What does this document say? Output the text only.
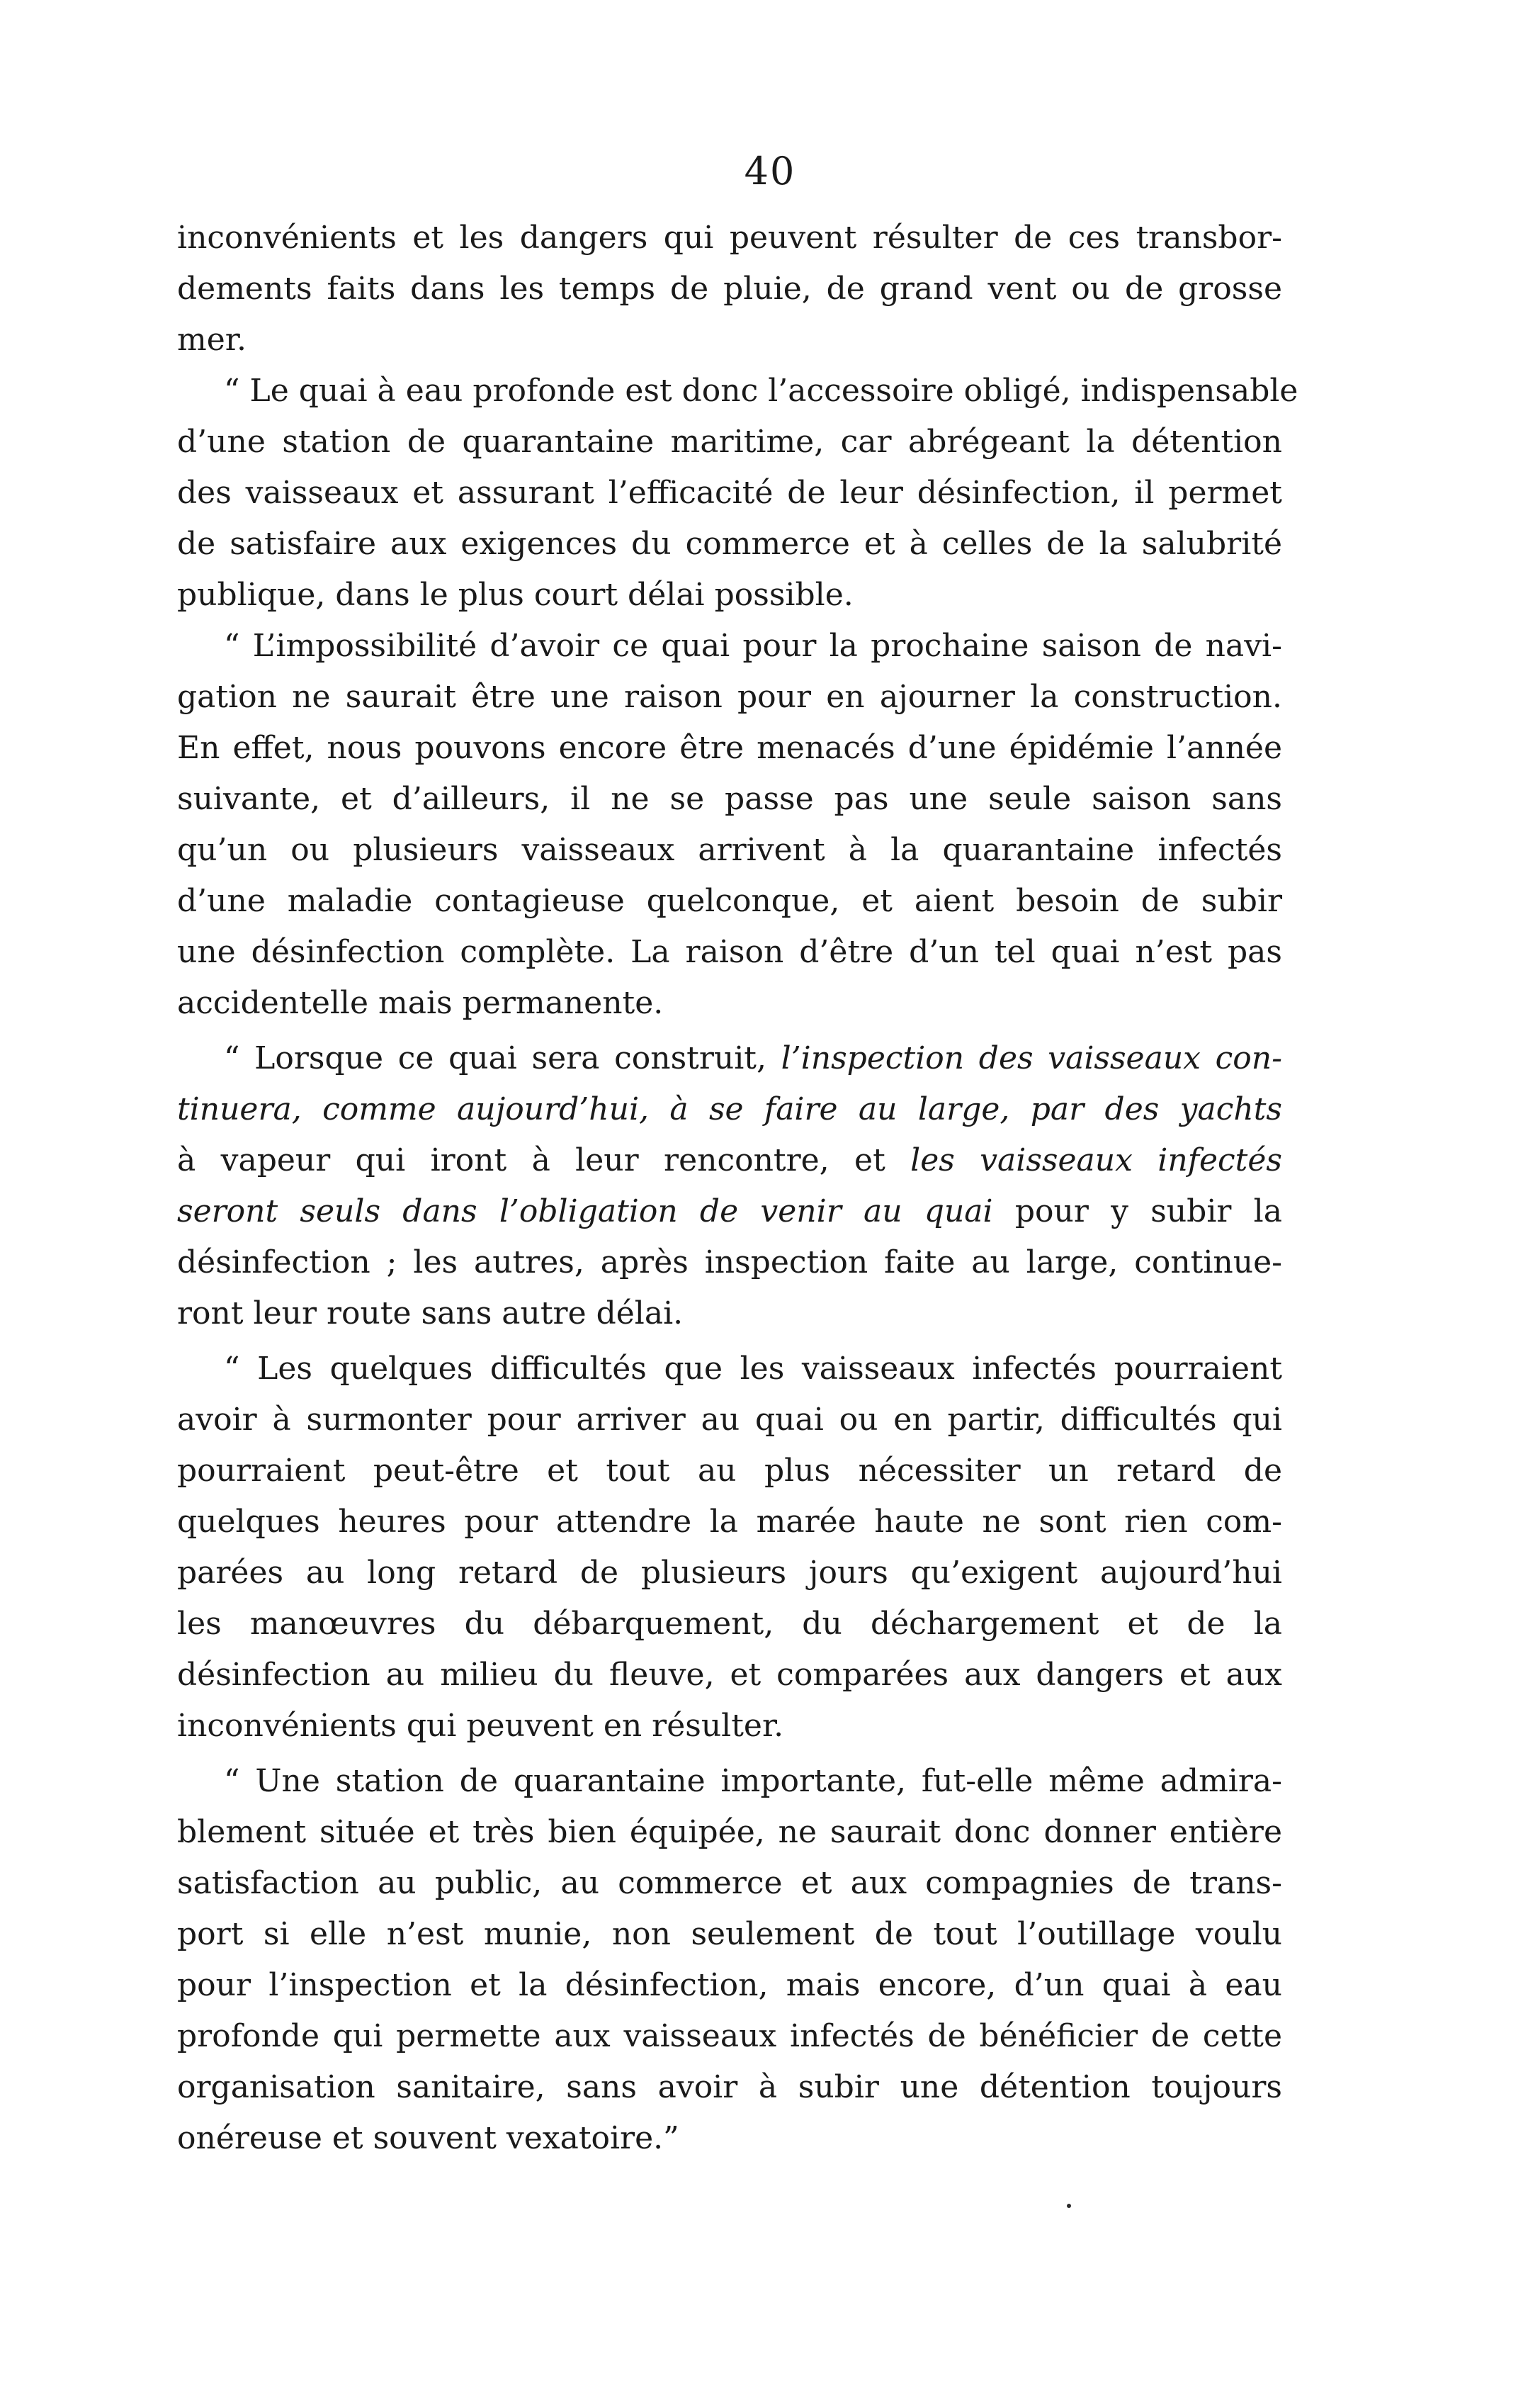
40

inconvénients et les dangers qui peuvent résulter de ces transbor-
dements faits dans les temps de pluie, de grand vent ou de grosse
mer.

“ Le quai à eau profonde est donc l’accessoire obligé, indispensable
d’une station de quarantaine maritime, car abrégeant la détention
des vaisseaux et assurant l’efficacité de leur désinfection, il permet
de satisfaire aux exigences du commerce et à celles de la salubrité
publique, dans le plus court délai possible.

“ L’impossibilité d’avoir ce quai pour la prochaine saison de navi-
gation ne saurait être une raison pour en ajourner la construction.
En effet, nous pouvons encore être menacés d’une épidémie l’année
suivante, et d’ailleurs, il ne se passe pas une seule saison sans
qu’un ou plusieurs vaisseaux arrivent à la quarantaine infectés
d’une maladie contagieuse quelconque, et aient besoin de subir
une désinfection complète. La raison d’être d’un tel quai n’est pas
accidentelle mais permanente.

“ Lorsque ce quai sera construit, l’inspection des vaisseaux con-
tinuera, comme aujourd’hui, à se faire au large, par des yachts
à vapeur qui iront à leur rencontre, et les vaisseaux infectés
seront seuls dans l’obligation de venir au quai pour y subir la
désinfection ; les autres, après inspection faite au large, continue-
ront leur route sans autre délai.

“ Les quelques difficultés que les vaisseaux infectés pourraient
avoir à surmonter pour arriver au quai ou en partir, difficultés qui
pourraient peut-être et tout au plus nécessiter un retard de
quelques heures pour attendre la marée haute ne sont rien com-
parées au long retard de plusieurs jours qu’exigent aujourd’hui
les manœuvres du débarquement, du déchargement et de la
désinfection au milieu du fleuve, et comparées aux dangers et aux
inconvénients qui peuvent en résulter.

“ Une station de quarantaine importante, fut-elle même admira-
blement située et très bien équipée, ne saurait donc donner entière
satisfaction au public, au commerce et aux compagnies de trans-
port si elle n’est munie, non seulement de tout l’outillage voulu
pour l’inspection et la désinfection, mais encore, d’un quai à eau
profonde qui permette aux vaisseaux infectés de bénéficier de cette
organisation sanitaire, sans avoir à subir une détention toujours
onéreuse et souvent vexatoire.”
